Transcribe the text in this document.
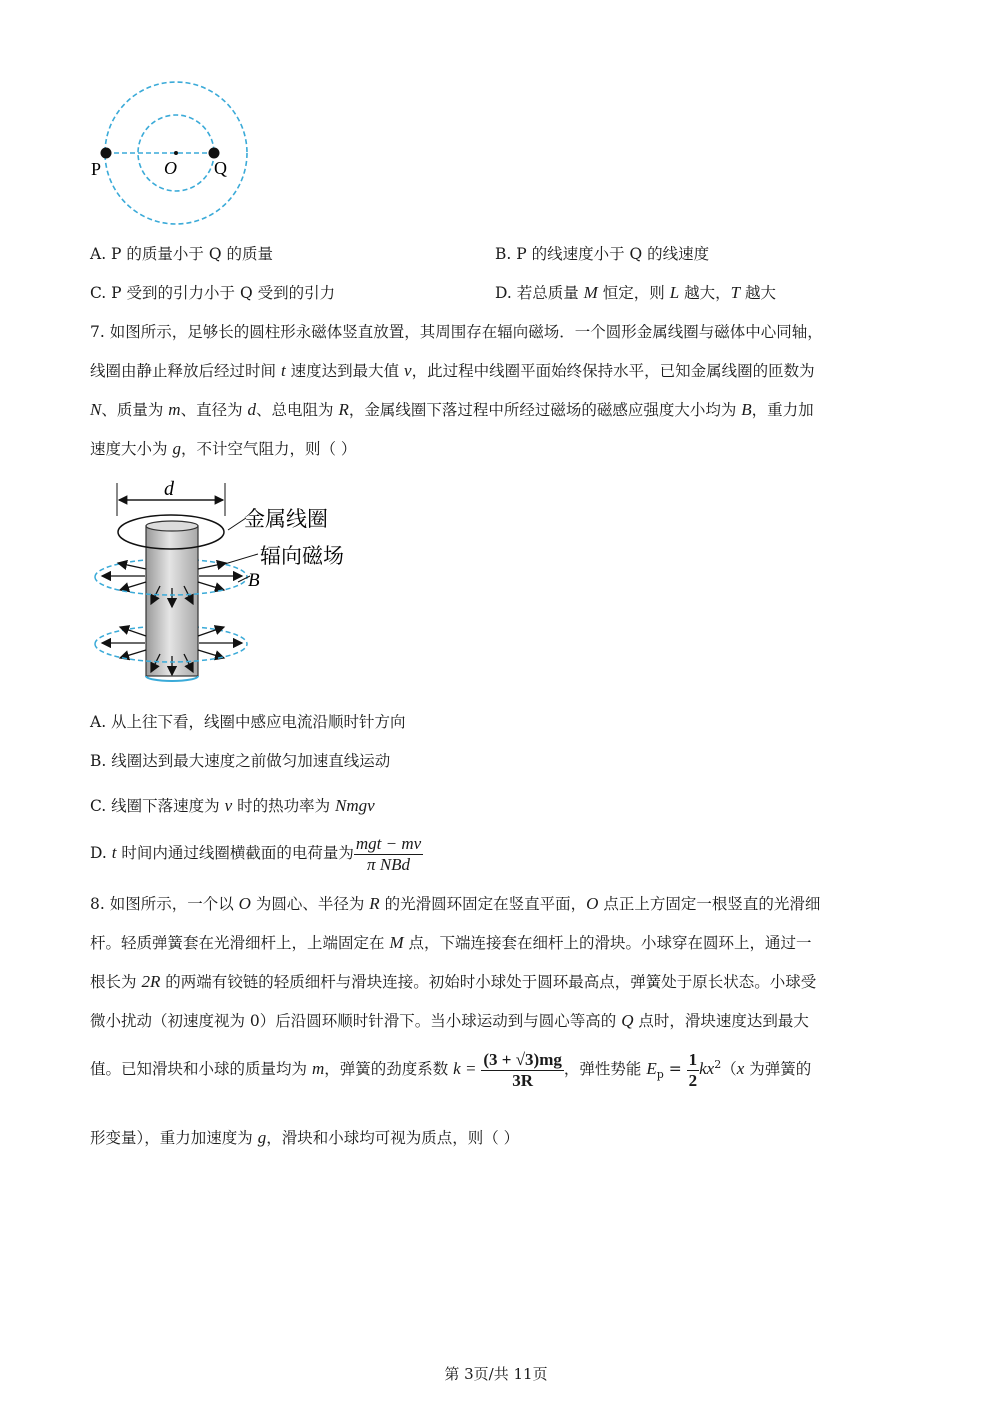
P	O Q
A. P 的质量小于 Q 的质量	B. P 的线速度小于 Q 的线速度
C. P 受到的引力小于 Q 受到的引力	D. 若总质量 M 恒定，则 L 越大，T 越大
7. 如图所示，足够长的圆柱形永磁体竖直放置，其周围存在辐向磁场．一个圆形金属线圈与磁体中心同轴，
线圈由静止释放后经过时间 t 速度达到最大值 v，此过程中线圈平面始终保持水平，已知金属线圈的匝数为
N、质量为 m、直径为 d、总电阻为 R，金属线圈下落过程中所经过磁场的磁感应强度大小均为 B，重力加
速度大小为 g，不计空气阻力，则（ ）
d
金属线圈
辐向磁场
B
A. 从上往下看，线圈中感应电流沿顺时针方向
B. 线圈达到最大速度之前做匀加速直线运动
C. 线圈下落速度为 v 时的热功率为 Nmgv
D. t 时间内通过线圈横截面的电荷量为 $\frac{\text{mgt − mv}}{\text{π NBd}}$
8. 如图所示，一个以 O 为圆心、半径为 R 的光滑圆环固定在竖直平面，O 点正上方固定一根竖直的光滑细
杆。轻质弹簧套在光滑细杆上，上端固定在 M 点，下端连接套在细杆上的滑块。小球穿在圆环上，通过一
根长为 2R 的两端有铰链的轻质细杆与滑块连接。初始时小球处于圆环最高点，弹簧处于原长状态。小球受
微小扰动（初速度视为 0）后沿圆环顺时针滑下。当小球运动到与圆心等高的 Q 点时，滑块速度达到最大
值。已知滑块和小球的质量均为 m，弹簧的劲度系数 $k = \frac{(3 + √3)mg}{3R}$ ，弹性势能 $E_p = \frac{1}{2} kx^2(x$ 为弹簧的
形变量），重力加速度为 g，滑块和小球均可视为质点，则（ ）
第 3页/共 11页
